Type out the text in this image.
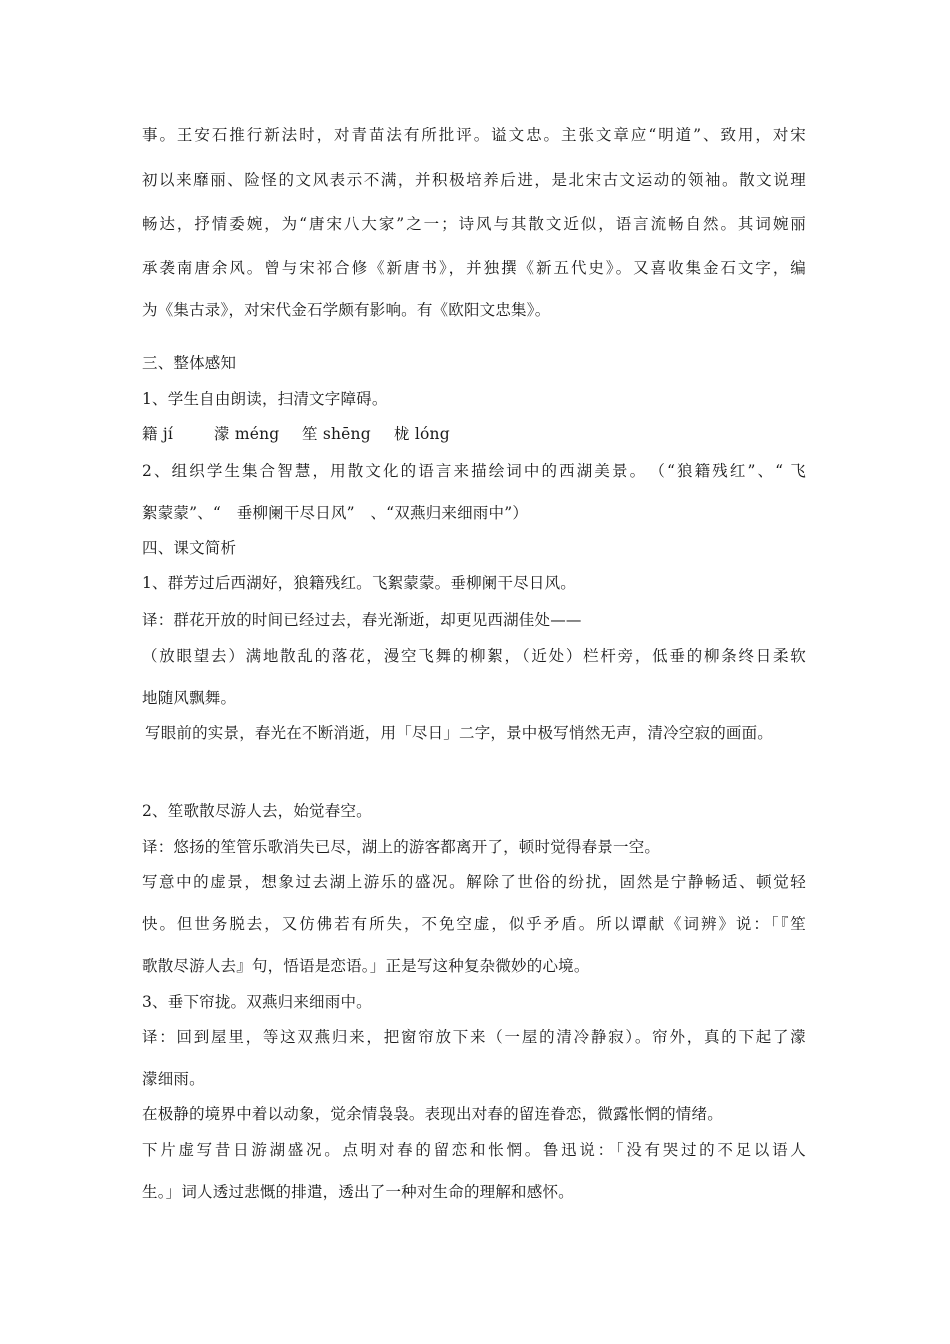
事。王安石推行新法时，对青苗法有所批评。谥文忠。主张文章应“明道”、致用，对宋

初以来靡丽、险怪的文风表示不满，并积极培养后进，是北宋古文运动的领袖。散文说理

畅达，抒情委婉，为“唐宋八大家”之一；诗风与其散文近似，语言流畅自然。其词婉丽

承袭南唐余风。曾与宋祁合修《新唐书》，并独撰《新五代史》。又喜收集金石文字，编

为《集古录》，对宋代金石学颇有影响。有《欧阳文忠集》。

三、整体感知

1、学生自由朗读，扫清文字障碍。

籍 jí	濛 méng 笙 shēng 栊 lóng

2、组织学生集合智慧，用散文化的语言来描绘词中的西湖美景。　（“狼籍残红”、“ 飞

絮蒙蒙”、“　垂柳阑干尽日风”　、“双燕归来细雨中”）

四、课文简析

1、群芳过后西湖好，狼籍残红。飞絮蒙蒙。垂柳阑干尽日风。

译：群花开放的时间已经过去，春光渐逝，却更见西湖佳处——

（放眼望去）满地散乱的落花，漫空飞舞的柳絮，（近处）栏杆旁，低垂的柳条终日柔软

地随风飘舞。

写眼前的实景，春光在不断消逝，用「尽日」二字，景中极写悄然无声，清冷空寂的画面。

2、笙歌散尽游人去，始觉春空。

译：悠扬的笙管乐歌消失已尽，湖上的游客都离开了，顿时觉得春景一空。

写意中的虚景，想象过去湖上游乐的盛况。解除了世俗的纷扰，固然是宁静畅适、顿觉轻

快。但世务脱去，又仿佛若有所失，不免空虚，似乎矛盾。所以谭献《词辨》说：「『笙

歌散尽游人去』句，悟语是恋语。」正是写这种复杂微妙的心境。

3、垂下帘拢。双燕归来细雨中。

译：回到屋里，等这双燕归来，把窗帘放下来（一屋的清冷静寂）。帘外，真的下起了濛

濛细雨。

在极静的境界中着以动象，觉余情袅袅。表现出对春的留连眷恋，微露怅惘的情绪。

下片虚写昔日游湖盛况。点明对春的留恋和怅惘。鲁迅说：「没有哭过的不足以语人

生。」词人透过悲慨的排遣，透出了一种对生命的理解和感怀。
